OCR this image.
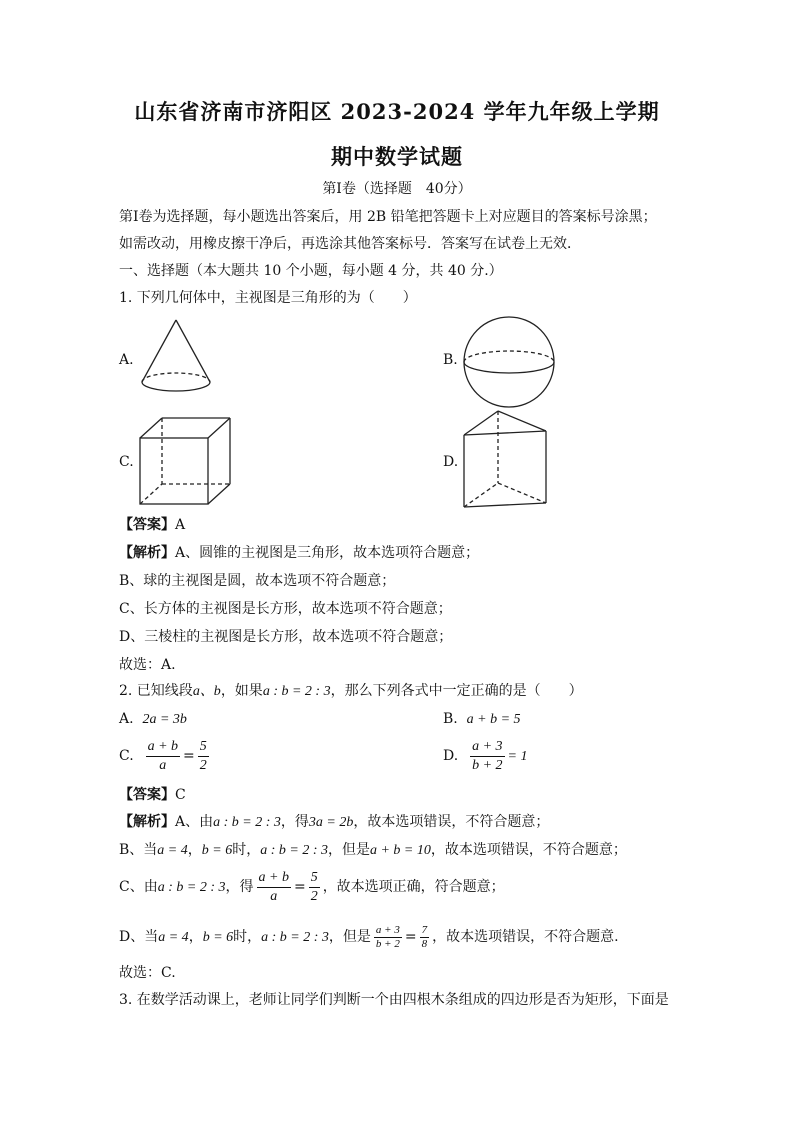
山东省济南市济阳区 2023-2024 学年九年级上学期
期中数学试题
第Ⅰ卷（选择题　40分）
第Ⅰ卷为选择题，每小题选出答案后，用 2B 铅笔把答题卡上对应题目的答案标号涂黑；
如需改动，用橡皮擦干净后，再选涂其他答案标号．答案写在试卷上无效．
一、选择题（本大题共 10 个小题，每小题 4 分，共 40 分.）
1. 下列几何体中，主视图是三角形的为（　　）
A.	B.
C.	D.
【答案】A
【解析】A、圆锥的主视图是三角形，故本选项符合题意；
B、球的主视图是圆，故本选项不符合题意；
C、长方体的主视图是长方形，故本选项不符合题意；
D、三棱柱的主视图是长方形，故本选项不符合题意；
故选：A.
2. 已知线段a、b，如果a : b = 2 : 3，那么下列各式中一定正确的是（　　）
A. 2a = 3b	B. a + b = 5
C. $\frac{a + b}{a} = \frac{5}{2}$	D. $\frac{a + 3}{b + 2} = 1$
【答案】C
【解析】A、由a : b = 2 : 3，得3a = 2b，故本选项错误，不符合题意；
B、当a = 4，b = 6时，a : b = 2 : 3，但是a + b = 10，故本选项错误，不符合题意；
C、由a : b = 2 : 3，得 $\frac{a + b}{a} = \frac{5}{2}$ ，故本选项正确，符合题意；
D、当a = 4，b = 6时，a : b = 2 : 3，但是 $\frac{a + 3}{b + 2} = \frac{7}{8}$ ，故本选项错误，不符合题意.
故选：C.
3. 在数学活动课上，老师让同学们判断一个由四根木条组成的四边形是否为矩形，下面是
